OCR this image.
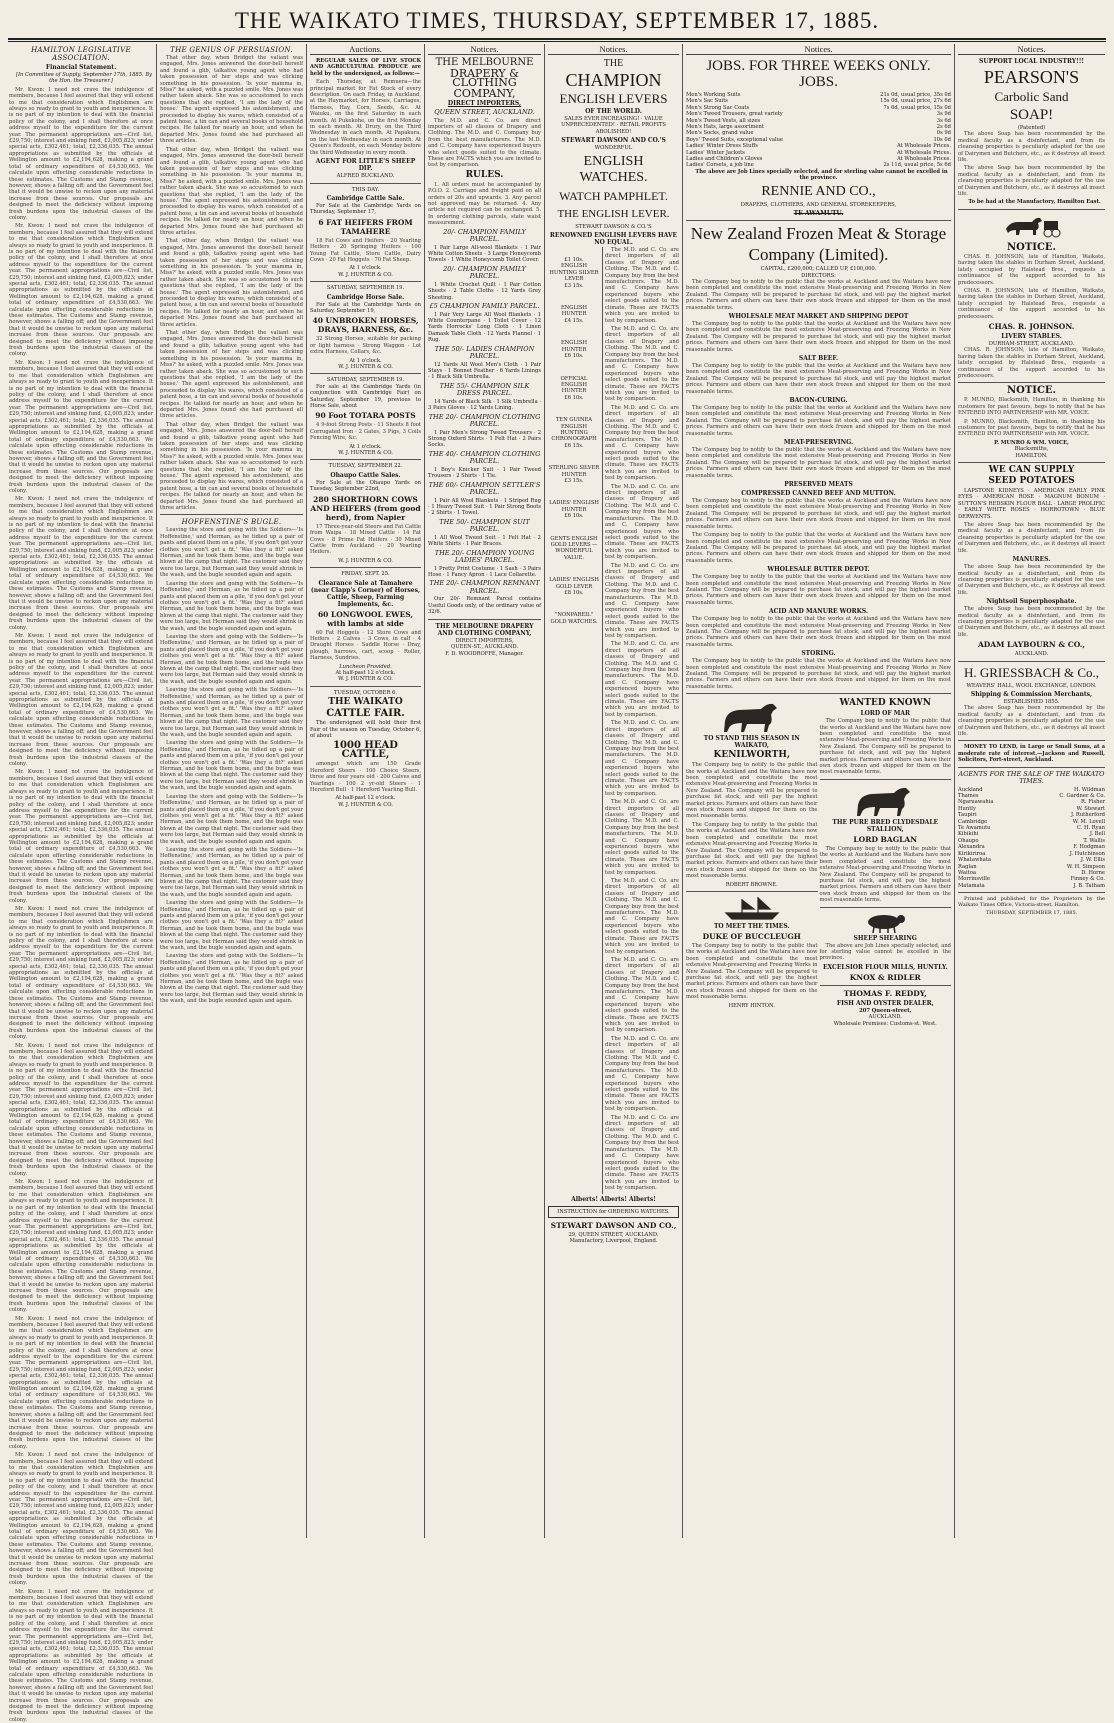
THE WAIKATO TIMES, THURSDAY, SEPTEMBER 17, 1885.
HAMILTON LEGISLATIVE ASSOCIATION.
Financial Statement.
[In Committee of Supply, September 17th, 1885. By the Hon. the Treasurer.]
Mr. Kwon: I need not crave the indulgence of members, because I feel assured that they will extend to me that consideration which Englishmen are always so ready to grant to youth and inexperience. It is no part of my intention to deal with the financial policy of the colony, and I shall therefore at once address myself to the expenditure for the current year. The permanent appropriations are—Civil list, £29,750; interest and sinking fund, £2,005,823; under special acts, £302,461; total, £2,336,035. The annual appropriations as submitted by the officials at Wellington amount to £2,194,628, making a grand total of ordinary expenditure of £4,530,663. We calculate upon effecting considerable reductions in these estimates. The Customs and Stamp revenue, however, shows a falling off; and the Government feel that it would be unwise to reckon upon any material increase from these sources. Our proposals are designed to meet the deficiency without imposing fresh burdens upon the industrial classes of the colony.
Mr. Kwon: I need not crave the indulgence of members, because I feel assured that they will extend to me that consideration which Englishmen are always so ready to grant to youth and inexperience. It is no part of my intention to deal with the financial policy of the colony, and I shall therefore at once address myself to the expenditure for the current year. The permanent appropriations are—Civil list, £29,750; interest and sinking fund, £2,005,823; under special acts, £302,461; total, £2,336,035. The annual appropriations as submitted by the officials at Wellington amount to £2,194,628, making a grand total of ordinary expenditure of £4,530,663. We calculate upon effecting considerable reductions in these estimates. The Customs and Stamp revenue, however, shows a falling off; and the Government feel that it would be unwise to reckon upon any material increase from these sources. Our proposals are designed to meet the deficiency without imposing fresh burdens upon the industrial classes of the colony.
Mr. Kwon: I need not crave the indulgence of members, because I feel assured that they will extend to me that consideration which Englishmen are always so ready to grant to youth and inexperience. It is no part of my intention to deal with the financial policy of the colony, and I shall therefore at once address myself to the expenditure for the current year. The permanent appropriations are—Civil list, £29,750; interest and sinking fund, £2,005,823; under special acts, £302,461; total, £2,336,035. The annual appropriations as submitted by the officials at Wellington amount to £2,194,628, making a grand total of ordinary expenditure of £4,530,663. We calculate upon effecting considerable reductions in these estimates. The Customs and Stamp revenue, however, shows a falling off; and the Government feel that it would be unwise to reckon upon any material increase from these sources. Our proposals are designed to meet the deficiency without imposing fresh burdens upon the industrial classes of the colony.
Mr. Kwon: I need not crave the indulgence of members, because I feel assured that they will extend to me that consideration which Englishmen are always so ready to grant to youth and inexperience. It is no part of my intention to deal with the financial policy of the colony, and I shall therefore at once address myself to the expenditure for the current year. The permanent appropriations are—Civil list, £29,750; interest and sinking fund, £2,005,823; under special acts, £302,461; total, £2,336,035. The annual appropriations as submitted by the officials at Wellington amount to £2,194,628, making a grand total of ordinary expenditure of £4,530,663. We calculate upon effecting considerable reductions in these estimates. The Customs and Stamp revenue, however, shows a falling off; and the Government feel that it would be unwise to reckon upon any material increase from these sources. Our proposals are designed to meet the deficiency without imposing fresh burdens upon the industrial classes of the colony.
Mr. Kwon: I need not crave the indulgence of members, because I feel assured that they will extend to me that consideration which Englishmen are always so ready to grant to youth and inexperience. It is no part of my intention to deal with the financial policy of the colony, and I shall therefore at once address myself to the expenditure for the current year. The permanent appropriations are—Civil list, £29,750; interest and sinking fund, £2,005,823; under special acts, £302,461; total, £2,336,035. The annual appropriations as submitted by the officials at Wellington amount to £2,194,628, making a grand total of ordinary expenditure of £4,530,663. We calculate upon effecting considerable reductions in these estimates. The Customs and Stamp revenue, however, shows a falling off; and the Government feel that it would be unwise to reckon upon any material increase from these sources. Our proposals are designed to meet the deficiency without imposing fresh burdens upon the industrial classes of the colony.
Mr. Kwon: I need not crave the indulgence of members, because I feel assured that they will extend to me that consideration which Englishmen are always so ready to grant to youth and inexperience. It is no part of my intention to deal with the financial policy of the colony, and I shall therefore at once address myself to the expenditure for the current year. The permanent appropriations are—Civil list, £29,750; interest and sinking fund, £2,005,823; under special acts, £302,461; total, £2,336,035. The annual appropriations as submitted by the officials at Wellington amount to £2,194,628, making a grand total of ordinary expenditure of £4,530,663. We calculate upon effecting considerable reductions in these estimates. The Customs and Stamp revenue, however, shows a falling off; and the Government feel that it would be unwise to reckon upon any material increase from these sources. Our proposals are designed to meet the deficiency without imposing fresh burdens upon the industrial classes of the colony.
Mr. Kwon: I need not crave the indulgence of members, because I feel assured that they will extend to me that consideration which Englishmen are always so ready to grant to youth and inexperience. It is no part of my intention to deal with the financial policy of the colony, and I shall therefore at once address myself to the expenditure for the current year. The permanent appropriations are—Civil list, £29,750; interest and sinking fund, £2,005,823; under special acts, £302,461; total, £2,336,035. The annual appropriations as submitted by the officials at Wellington amount to £2,194,628, making a grand total of ordinary expenditure of £4,530,663. We calculate upon effecting considerable reductions in these estimates. The Customs and Stamp revenue, however, shows a falling off; and the Government feel that it would be unwise to reckon upon any material increase from these sources. Our proposals are designed to meet the deficiency without imposing fresh burdens upon the industrial classes of the colony.
Mr. Kwon: I need not crave the indulgence of members, because I feel assured that they will extend to me that consideration which Englishmen are always so ready to grant to youth and inexperience. It is no part of my intention to deal with the financial policy of the colony, and I shall therefore at once address myself to the expenditure for the current year. The permanent appropriations are—Civil list, £29,750; interest and sinking fund, £2,005,823; under special acts, £302,461; total, £2,336,035. The annual appropriations as submitted by the officials at Wellington amount to £2,194,628, making a grand total of ordinary expenditure of £4,530,663. We calculate upon effecting considerable reductions in these estimates. The Customs and Stamp revenue, however, shows a falling off; and the Government feel that it would be unwise to reckon upon any material increase from these sources. Our proposals are designed to meet the deficiency without imposing fresh burdens upon the industrial classes of the colony.
Mr. Kwon: I need not crave the indulgence of members, because I feel assured that they will extend to me that consideration which Englishmen are always so ready to grant to youth and inexperience. It is no part of my intention to deal with the financial policy of the colony, and I shall therefore at once address myself to the expenditure for the current year. The permanent appropriations are—Civil list, £29,750; interest and sinking fund, £2,005,823; under special acts, £302,461; total, £2,336,035. The annual appropriations as submitted by the officials at Wellington amount to £2,194,628, making a grand total of ordinary expenditure of £4,530,663. We calculate upon effecting considerable reductions in these estimates. The Customs and Stamp revenue, however, shows a falling off; and the Government feel that it would be unwise to reckon upon any material increase from these sources. Our proposals are designed to meet the deficiency without imposing fresh burdens upon the industrial classes of the colony.
Mr. Kwon: I need not crave the indulgence of members, because I feel assured that they will extend to me that consideration which Englishmen are always so ready to grant to youth and inexperience. It is no part of my intention to deal with the financial policy of the colony, and I shall therefore at once address myself to the expenditure for the current year. The permanent appropriations are—Civil list, £29,750; interest and sinking fund, £2,005,823; under special acts, £302,461; total, £2,336,035. The annual appropriations as submitted by the officials at Wellington amount to £2,194,628, making a grand total of ordinary expenditure of £4,530,663. We calculate upon effecting considerable reductions in these estimates. The Customs and Stamp revenue, however, shows a falling off; and the Government feel that it would be unwise to reckon upon any material increase from these sources. Our proposals are designed to meet the deficiency without imposing fresh burdens upon the industrial classes of the colony.
Mr. Kwon: I need not crave the indulgence of members, because I feel assured that they will extend to me that consideration which Englishmen are always so ready to grant to youth and inexperience. It is no part of my intention to deal with the financial policy of the colony, and I shall therefore at once address myself to the expenditure for the current year. The permanent appropriations are—Civil list, £29,750; interest and sinking fund, £2,005,823; under special acts, £302,461; total, £2,336,035. The annual appropriations as submitted by the officials at Wellington amount to £2,194,628, making a grand total of ordinary expenditure of £4,530,663. We calculate upon effecting considerable reductions in these estimates. The Customs and Stamp revenue, however, shows a falling off; and the Government feel that it would be unwise to reckon upon any material increase from these sources. Our proposals are designed to meet the deficiency without imposing fresh burdens upon the industrial classes of the colony.
Mr. Kwon: I need not crave the indulgence of members, because I feel assured that they will extend to me that consideration which Englishmen are always so ready to grant to youth and inexperience. It is no part of my intention to deal with the financial policy of the colony, and I shall therefore at once address myself to the expenditure for the current year. The permanent appropriations are—Civil list, £29,750; interest and sinking fund, £2,005,823; under special acts, £302,461; total, £2,336,035. The annual appropriations as submitted by the officials at Wellington amount to £2,194,628, making a grand total of ordinary expenditure of £4,530,663. We calculate upon effecting considerable reductions in these estimates. The Customs and Stamp revenue, however, shows a falling off; and the Government feel that it would be unwise to reckon upon any material increase from these sources. Our proposals are designed to meet the deficiency without imposing fresh burdens upon the industrial classes of the colony.
THE GENIUS OF PERSUASION.
That other day, when Bridget the valiant was engaged, Mrs. Jones answered the door-bell herself and found a glib, talkative young agent who had taken possession of her steps and was clicking something in his possession. 'Is your mamma in, Miss?' he asked, with a puzzled smile. Mrs. Jones was rather taken aback. She was so accustomed to such questions that she replied, 'I am the lady of the house.' The agent expressed his astonishment, and proceeded to display his wares, which consisted of a patent hose, a tin can and several books of household recipes. He talked for nearly an hour, and when he departed Mrs. Jones found she had purchased all three articles.
That other day, when Bridget the valiant was engaged, Mrs. Jones answered the door-bell herself and found a glib, talkative young agent who had taken possession of her steps and was clicking something in his possession. 'Is your mamma in, Miss?' he asked, with a puzzled smile. Mrs. Jones was rather taken aback. She was so accustomed to such questions that she replied, 'I am the lady of the house.' The agent expressed his astonishment, and proceeded to display his wares, which consisted of a patent hose, a tin can and several books of household recipes. He talked for nearly an hour, and when he departed Mrs. Jones found she had purchased all three articles.
That other day, when Bridget the valiant was engaged, Mrs. Jones answered the door-bell herself and found a glib, talkative young agent who had taken possession of her steps and was clicking something in his possession. 'Is your mamma in, Miss?' he asked, with a puzzled smile. Mrs. Jones was rather taken aback. She was so accustomed to such questions that she replied, 'I am the lady of the house.' The agent expressed his astonishment, and proceeded to display his wares, which consisted of a patent hose, a tin can and several books of household recipes. He talked for nearly an hour, and when he departed Mrs. Jones found she had purchased all three articles.
That other day, when Bridget the valiant was engaged, Mrs. Jones answered the door-bell herself and found a glib, talkative young agent who had taken possession of her steps and was clicking something in his possession. 'Is your mamma in, Miss?' he asked, with a puzzled smile. Mrs. Jones was rather taken aback. She was so accustomed to such questions that she replied, 'I am the lady of the house.' The agent expressed his astonishment, and proceeded to display his wares, which consisted of a patent hose, a tin can and several books of household recipes. He talked for nearly an hour, and when he departed Mrs. Jones found she had purchased all three articles.
That other day, when Bridget the valiant was engaged, Mrs. Jones answered the door-bell herself and found a glib, talkative young agent who had taken possession of her steps and was clicking something in his possession. 'Is your mamma in, Miss?' he asked, with a puzzled smile. Mrs. Jones was rather taken aback. She was so accustomed to such questions that she replied, 'I am the lady of the house.' The agent expressed his astonishment, and proceeded to display his wares, which consisted of a patent hose, a tin can and several books of household recipes. He talked for nearly an hour, and when he departed Mrs. Jones found she had purchased all three articles.
HOFFENSTINE'S BUGLE.
Leaving the store and going with the Soldiers—'Is Hoffenstine,' and Herman, as he tidied up a pair of pants and placed them on a pile, 'if you don't get your clothes you won't get a fit.' 'Was they a fit?' asked Herman, and he took them home, and the bugle was blown at the camp that night. The customer said they were too large, but Herman said they would shrink in the wash, and the bugle sounded again and again.
Leaving the store and going with the Soldiers—'Is Hoffenstine,' and Herman, as he tidied up a pair of pants and placed them on a pile, 'if you don't get your clothes you won't get a fit.' 'Was they a fit?' asked Herman, and he took them home, and the bugle was blown at the camp that night. The customer said they were too large, but Herman said they would shrink in the wash, and the bugle sounded again and again.
Leaving the store and going with the Soldiers—'Is Hoffenstine,' and Herman, as he tidied up a pair of pants and placed them on a pile, 'if you don't get your clothes you won't get a fit.' 'Was they a fit?' asked Herman, and he took them home, and the bugle was blown at the camp that night. The customer said they were too large, but Herman said they would shrink in the wash, and the bugle sounded again and again.
Leaving the store and going with the Soldiers—'Is Hoffenstine,' and Herman, as he tidied up a pair of pants and placed them on a pile, 'if you don't get your clothes you won't get a fit.' 'Was they a fit?' asked Herman, and he took them home, and the bugle was blown at the camp that night. The customer said they were too large, but Herman said they would shrink in the wash, and the bugle sounded again and again.
Leaving the store and going with the Soldiers—'Is Hoffenstine,' and Herman, as he tidied up a pair of pants and placed them on a pile, 'if you don't get your clothes you won't get a fit.' 'Was they a fit?' asked Herman, and he took them home, and the bugle was blown at the camp that night. The customer said they were too large, but Herman said they would shrink in the wash, and the bugle sounded again and again.
Leaving the store and going with the Soldiers—'Is Hoffenstine,' and Herman, as he tidied up a pair of pants and placed them on a pile, 'if you don't get your clothes you won't get a fit.' 'Was they a fit?' asked Herman, and he took them home, and the bugle was blown at the camp that night. The customer said they were too large, but Herman said they would shrink in the wash, and the bugle sounded again and again.
Leaving the store and going with the Soldiers—'Is Hoffenstine,' and Herman, as he tidied up a pair of pants and placed them on a pile, 'if you don't get your clothes you won't get a fit.' 'Was they a fit?' asked Herman, and he took them home, and the bugle was blown at the camp that night. The customer said they were too large, but Herman said they would shrink in the wash, and the bugle sounded again and again.
Leaving the store and going with the Soldiers—'Is Hoffenstine,' and Herman, as he tidied up a pair of pants and placed them on a pile, 'if you don't get your clothes you won't get a fit.' 'Was they a fit?' asked Herman, and he took them home, and the bugle was blown at the camp that night. The customer said they were too large, but Herman said they would shrink in the wash, and the bugle sounded again and again.
Leaving the store and going with the Soldiers—'Is Hoffenstine,' and Herman, as he tidied up a pair of pants and placed them on a pile, 'if you don't get your clothes you won't get a fit.' 'Was they a fit?' asked Herman, and he took them home, and the bugle was blown at the camp that night. The customer said they were too large, but Herman said they would shrink in the wash, and the bugle sounded again and again.
Auctions.
REGULAR SALES OF LIVE STOCK AND AGRICULTURAL PRODUCE are held by the undersigned, as follows:—
Each Thursday, at Remuera—the principal market for Fat Stock of every description. On each Friday, in Auckland, at the Haymarket, for Horses, Carriages, Harness, Hay, Corn, Seeds, &c. At Waiuku, on the first Saturday in each month. At Pukekohe, on the first Monday in each month. At Drury, on the Third Wednesday in each month. At Papakura, on the last Wednesday in each month. At Queen's Redoubt, on each Monday before the third Wednesday in every month.
AGENT FOR LITTLE'S SHEEP DIP.
ALFRED BUCKLAND.
THIS DAY.
Cambridge Cattle Sale.
For Sale at the Cambridge Yards on Thursday, September 17,
6 FAT HEIFERS FROM TAMAHERE
18 Fat Cows and Heifers · 20 Yearling Heifers · 20 Springing Heifers · 100 Young Fat Cattle, Store Cattle, Dairy Cows · 20 Fat Hoggets · 70 Fat Sheep.
At 1 o'clock.
W. J. HUNTER & CO.
SATURDAY, SEPTEMBER 19.
Cambridge Horse Sale.
For Sale at the Cambridge Yards on Saturday, September 19,
40 UNBROKEN HORSES, DRAYS, HARNESS, &c.
32 Strong Horses, suitable for packing or light harness · Strong Waggon · Lot extra Harness, Collars, &c.
At 1 o'clock.
W. J. HUNTER & CO.
SATURDAY, SEPTEMBER 19.
For sale at the Cambridge Yards (in conjunction with Cambridge Fair) on Saturday, September 19, previous to Horse Sale, about
90 Foot TOTARA POSTS
4 9-foot Strong Posts · 11 Sheets 8 foot Corrugated Iron · 2 Gates, 3 Pigs, 3 Coils Fencing Wire, &c.
At 1 o'clock.
W. J. HUNTER & CO.
TUESDAY, SEPTEMBER 22.
Ohaupo Cattle Sales.
For Sale at the Ohaupo Yards on Tuesday, September 22nd,
280 SHORTHORN COWS AND HEIFERS (from good herd), from Napier
17 Three-year-old Steers and Fat Cattle from Waipa · 18 Mixed Cattle · 14 Fat Cows · 8 Prime Fat Heifers · 30 Mixed Cattle from Auckland · 20 Yearling Heifers.
W. J. HUNTER & CO.
FRIDAY, SEPT. 25.
Clearance Sale at Tamahere (near Clapp's Corner) of Horses, Cattle, Sheep, Farming Implements, &c.
60 LONGWOOL EWES, with lambs at side
60 Fat Hoggets · 12 Store Cows and Heifers · 2 Calves · 3 Cows, in calf · 4 Draught Horses · Saddle Horse · Dray, plough, harrows, cart, scoop · Roller, Harness, Sundries.
Luncheon Provided.
At half-past 12 o'clock.
W. J. HUNTER & CO.
TUESDAY, OCTOBER 6.
THE WAIKATO
CATTLE FAIR.
The undersigned will hold their first Fair of the season on Tuesday, October 6, of about
1000 HEAD CATTLE,
amongst which are 150 Grade Hereford Steers · 100 Choice Steers, three and four years old · 200 Calves and Yearlings · 100 2 yr-old Steers · 1 Hereford Bull · 1 Hereford Yearling Bull.
At half-past 12 o'clock.
W. J. HUNTER & CO.
Notices.
THE MELBOURNE
DRAPERY & CLOTHING
COMPANY,
DIRECT IMPORTERS,
QUEEN STREET, AUCKLAND.
The M.D. and C. Co. are direct importers of all classes of Drapery and Clothing. The M.D. and C. Company buy from the best manufacturers. The M.D. and C. Company have experienced buyers who select goods suited to the climate. These are FACTS which you are invited to test by comparison.
RULES.
1. All orders must be accompanied by P.O.O. 2. Carriage and freight paid on all orders of 20s and upwards. 3. Any parcel not approved may be returned. 4. Any article not required can be exchanged. 5. In ordering clothing parcels, state waist measurement.
20/- CHAMPION FAMILY PARCEL.
1 Pair Large All-wool Blankets · 1 Pair White Cotton Sheets · 3 Large Honeycomb Towels · 1 White Honeycomb Toilet Cover.
20/- CHAMPION FAMILY PARCEL.
1 White Crochet Quilt · 1 Pair Cotton Sheets · 2 Table Cloths · 12 Yards Grey Sheeting.
£5 CHAMPION FAMILY PARCEL.
1 Pair Very Large All Wool Blankets · 1 White Counterpane · 1 Toilet Cover · 12 Yards Horrocks' Long Cloth · 1 Linen Damask Table Cloth · 12 Yards Flannel · 1 Rug.
THE 50/- LADIES CHAMPION PARCEL.
12 Yards All Wool Men's Cloth · 1 Pair Stays · 1 Bonnet Feather · 6 Yards Linings · 1 Black Silk Umbrella.
THE 55/- CHAMPION SILK DRESS PARCEL.
14 Yards of Black Silk · 1 Silk Umbrella · 3 Pairs Gloves · 12 Yards Lining.
THE 20/- CHAMPION CLOTHING PARCEL.
1 Pair Men's Strong Tweed Trousers · 2 Strong Oxford Shirts · 1 Felt Hat · 2 Pairs Socks.
THE 40/- CHAMPION CLOTHING PARCEL.
1 Boy's Knicker Suit · 1 Pair Tweed Trousers · 2 Shirts · 1 Tie.
THE 60/- CHAMPION SETTLER'S PARCEL.
1 Pair All Wool Blankets · 1 Striped Rug · 1 Heavy Tweed Suit · 1 Pair Strong Boots · 2 Shirts · 1 Towel.
THE 50/- CHAMPION SUIT PARCEL.
1 All Wool Tweed Suit · 1 Felt Hat · 2 White Shirts · 1 Pair Braces.
THE 20/- CHAMPION YOUNG LADIES' PARCEL.
1 Pretty Print Costume · 1 Sash · 3 Pairs Hose · 1 Fancy Apron · 1 Lace Collarette.
THE 20/- CHAMPION REMNANT PARCEL.
Our 20/- Remnant Parcel contains Useful Goods only, of the ordinary value of 32/6.
THE MELBOURNE DRAPERY AND CLOTHING COMPANY,
DIRECT IMPORTERS,
QUEEN-ST., AUCKLAND.
F. D. WOODROFFE, Manager.
Notices.
THE
CHAMPION
ENGLISH LEVERS
OF THE WORLD.
SALES EVER INCREASING! · VALUE UNPRECEDENTED! · RETAIL PROFITS ABOLISHED!
STEWART DAWSON AND CO.'S
WONDERFUL
ENGLISH WATCHES.
WATCH PAMPHLET.
THE ENGLISH LEVER.
STEWART DAWSON & CO.'S
RENOWNED ENGLISH LEVERS HAVE NO EQUAL.
£1 10s.
ENGLISH HUNTING SILVER LEVER
£3 15s.
ENGLISH HUNTER
£4 15s.
ENGLISH HUNTER
£6 10s.
OFFICIAL ENGLISH HUNTER
£6 10s.
TEN GUINEA ENGLISH HUNTING CHRONOGRAPH
£6 15s.
STERLING SILVER HUNTER
£3 15s.
LADIES' ENGLISH HUNTER
£6 10s.
GENTS ENGLISH GOLD LEVERS — WONDERFUL VALUE.
LADIES' ENGLISH GOLD LEVER
£8 10s.
"NONPAREIL" GOLD WATCHES.
The M.D. and C. Co. are direct importers of all classes of Drapery and Clothing. The M.D. and C. Company buy from the best manufacturers. The M.D. and C. Company have experienced buyers who select goods suited to the climate. These are FACTS which you are invited to test by comparison.
The M.D. and C. Co. are direct importers of all classes of Drapery and Clothing. The M.D. and C. Company buy from the best manufacturers. The M.D. and C. Company have experienced buyers who select goods suited to the climate. These are FACTS which you are invited to test by comparison.
The M.D. and C. Co. are direct importers of all classes of Drapery and Clothing. The M.D. and C. Company buy from the best manufacturers. The M.D. and C. Company have experienced buyers who select goods suited to the climate. These are FACTS which you are invited to test by comparison.
The M.D. and C. Co. are direct importers of all classes of Drapery and Clothing. The M.D. and C. Company buy from the best manufacturers. The M.D. and C. Company have experienced buyers who select goods suited to the climate. These are FACTS which you are invited to test by comparison.
The M.D. and C. Co. are direct importers of all classes of Drapery and Clothing. The M.D. and C. Company buy from the best manufacturers. The M.D. and C. Company have experienced buyers who select goods suited to the climate. These are FACTS which you are invited to test by comparison.
The M.D. and C. Co. are direct importers of all classes of Drapery and Clothing. The M.D. and C. Company buy from the best manufacturers. The M.D. and C. Company have experienced buyers who select goods suited to the climate. These are FACTS which you are invited to test by comparison.
The M.D. and C. Co. are direct importers of all classes of Drapery and Clothing. The M.D. and C. Company buy from the best manufacturers. The M.D. and C. Company have experienced buyers who select goods suited to the climate. These are FACTS which you are invited to test by comparison.
The M.D. and C. Co. are direct importers of all classes of Drapery and Clothing. The M.D. and C. Company buy from the best manufacturers. The M.D. and C. Company have experienced buyers who select goods suited to the climate. These are FACTS which you are invited to test by comparison.
The M.D. and C. Co. are direct importers of all classes of Drapery and Clothing. The M.D. and C. Company buy from the best manufacturers. The M.D. and C. Company have experienced buyers who select goods suited to the climate. These are FACTS which you are invited to test by comparison.
The M.D. and C. Co. are direct importers of all classes of Drapery and Clothing. The M.D. and C. Company buy from the best manufacturers. The M.D. and C. Company have experienced buyers who select goods suited to the climate. These are FACTS which you are invited to test by comparison.
The M.D. and C. Co. are direct importers of all classes of Drapery and Clothing. The M.D. and C. Company buy from the best manufacturers. The M.D. and C. Company have experienced buyers who select goods suited to the climate. These are FACTS which you are invited to test by comparison.
The M.D. and C. Co. are direct importers of all classes of Drapery and Clothing. The M.D. and C. Company buy from the best manufacturers. The M.D. and C. Company have experienced buyers who select goods suited to the climate. These are FACTS which you are invited to test by comparison.
Alberts! Alberts! Alberts!
INSTRUCTION for ORDERING WATCHES.
STEWART DAWSON AND CO.,
29, QUEEN STREET, AUCKLAND.
Manufactory, Liverpool, England.
Notices.
JOBS. FOR THREE WEEKS ONLY. JOBS.
Men's Working Suits	21s 0d, usual price, 35s 0d
Men's Sac Suits	15s 0d, usual price, 27s 6d
Men's Strong Sac Coats	7s 6d, usual price, 15s 0d
Men's Tweed Trousers, great variety	3s 9d
Men's Tweed Vests, all sizes	3s 6d
Men's Hats, large assortment	2s 6d
Men's Socks, grand value	0s 9d
Boys' Tweed Suits, exceptional value	10s 0d
Ladies' Winter Dress Stuffs	At Wholesale Prices.
Ladies' Winter Jackets	At Wholesale Prices.
Ladies and Children's Gloves	At Wholesale Prices.
Ladies' Corsets, a job line	2s 11d, usual price, 5s 6d
The above are Job Lines specially selected, and for sterling value cannot be excelled in the province.
RENNIE AND CO.,
DRAPERS, CLOTHIERS, AND GENERAL STOREKEEPERS,
TE AWAMUTU.
New Zealand Frozen Meat & Storage
Company (Limited).
CAPITAL, £200,000; CALLED UP, £100,000.
DIRECTORS:
The Company beg to notify to the public that the works at Auckland and the Waitara have now been completed and constitute the most extensive Meat-preserving and Freezing Works in New Zealand. The Company will be prepared to purchase fat stock, and will pay the highest market prices. Farmers and others can have their own stock frozen and shipped for them on the most reasonable terms.
WHOLESALE MEAT MARKET AND SHIPPING DEPOT
The Company beg to notify to the public that the works at Auckland and the Waitara have now been completed and constitute the most extensive Meat-preserving and Freezing Works in New Zealand. The Company will be prepared to purchase fat stock, and will pay the highest market prices. Farmers and others can have their own stock frozen and shipped for them on the most reasonable terms.
SALT BEEF.
The Company beg to notify to the public that the works at Auckland and the Waitara have now been completed and constitute the most extensive Meat-preserving and Freezing Works in New Zealand. The Company will be prepared to purchase fat stock, and will pay the highest market prices. Farmers and others can have their own stock frozen and shipped for them on the most reasonable terms.
BACON-CURING.
The Company beg to notify to the public that the works at Auckland and the Waitara have now been completed and constitute the most extensive Meat-preserving and Freezing Works in New Zealand. The Company will be prepared to purchase fat stock, and will pay the highest market prices. Farmers and others can have their own stock frozen and shipped for them on the most reasonable terms.
MEAT-PRESERVING.
The Company beg to notify to the public that the works at Auckland and the Waitara have now been completed and constitute the most extensive Meat-preserving and Freezing Works in New Zealand. The Company will be prepared to purchase fat stock, and will pay the highest market prices. Farmers and others can have their own stock frozen and shipped for them on the most reasonable terms.
PRESERVED MEATS
COMPRESSED CANNED BEEF AND MUTTON.
The Company beg to notify to the public that the works at Auckland and the Waitara have now been completed and constitute the most extensive Meat-preserving and Freezing Works in New Zealand. The Company will be prepared to purchase fat stock, and will pay the highest market prices. Farmers and others can have their own stock frozen and shipped for them on the most reasonable terms.
The Company beg to notify to the public that the works at Auckland and the Waitara have now been completed and constitute the most extensive Meat-preserving and Freezing Works in New Zealand. The Company will be prepared to purchase fat stock, and will pay the highest market prices. Farmers and others can have their own stock frozen and shipped for them on the most reasonable terms.
WHOLESALE BUTTER DEPOT.
The Company beg to notify to the public that the works at Auckland and the Waitara have now been completed and constitute the most extensive Meat-preserving and Freezing Works in New Zealand. The Company will be prepared to purchase fat stock, and will pay the highest market prices. Farmers and others can have their own stock frozen and shipped for them on the most reasonable terms.
ACID AND MANURE WORKS.
The Company beg to notify to the public that the works at Auckland and the Waitara have now been completed and constitute the most extensive Meat-preserving and Freezing Works in New Zealand. The Company will be prepared to purchase fat stock, and will pay the highest market prices. Farmers and others can have their own stock frozen and shipped for them on the most reasonable terms.
STORING.
The Company beg to notify to the public that the works at Auckland and the Waitara have now been completed and constitute the most extensive Meat-preserving and Freezing Works in New Zealand. The Company will be prepared to purchase fat stock, and will pay the highest market prices. Farmers and others can have their own stock frozen and shipped for them on the most reasonable terms.
TO STAND THIS SEASON IN WAIKATO,
KENILWORTH,
The Company beg to notify to the public that the works at Auckland and the Waitara have now been completed and constitute the most extensive Meat-preserving and Freezing Works in New Zealand. The Company will be prepared to purchase fat stock, and will pay the highest market prices. Farmers and others can have their own stock frozen and shipped for them on the most reasonable terms.
The Company beg to notify to the public that the works at Auckland and the Waitara have now been completed and constitute the most extensive Meat-preserving and Freezing Works in New Zealand. The Company will be prepared to purchase fat stock, and will pay the highest market prices. Farmers and others can have their own stock frozen and shipped for them on the most reasonable terms.
ROBERT BROWNE.
TO MEET THE TIMES.
DUKE OF BUCCLEUGH
The Company beg to notify to the public that the works at Auckland and the Waitara have now been completed and constitute the most extensive Meat-preserving and Freezing Works in New Zealand. The Company will be prepared to purchase fat stock, and will pay the highest market prices. Farmers and others can have their own stock frozen and shipped for them on the most reasonable terms.
HENRY HINTON.
WANTED KNOWN
LORD OF MAR
The Company beg to notify to the public that the works at Auckland and the Waitara have now been completed and constitute the most extensive Meat-preserving and Freezing Works in New Zealand. The Company will be prepared to purchase fat stock, and will pay the highest market prices. Farmers and others can have their own stock frozen and shipped for them on the most reasonable terms.
THE PURE BRED CLYDESDALE STALLION,
LORD BAGLAN
The Company beg to notify to the public that the works at Auckland and the Waitara have now been completed and constitute the most extensive Meat-preserving and Freezing Works in New Zealand. The Company will be prepared to purchase fat stock, and will pay the highest market prices. Farmers and others can have their own stock frozen and shipped for them on the most reasonable terms.
SHEEP SHEARING
The above are Job Lines specially selected, and for sterling value cannot be excelled in the province.
EXCELSIOR FLOUR MILLS, HUNTLY.
KNOX & RIDLER
THOMAS F. REDDY,
FISH AND OYSTER DEALER,
207 Queen-street,
AUCKLAND.
Wholesale Premises: Customs-st. West.
Notices.
SUPPORT LOCAL INDUSTRY!!!
PEARSON'S
Carbolic Sand
SOAP!
(Patented)
The above Soap has been recommended by the medical faculty as a disinfectant, and from its cleansing properties is peculiarly adapted for the use of Dairymen and Butchers, etc., as it destroys all insect life.
The above Soap has been recommended by the medical faculty as a disinfectant, and from its cleansing properties is peculiarly adapted for the use of Dairymen and Butchers, etc., as it destroys all insect life.
To be had at the Manufactory, Hamilton East.
NOTICE.
CHAS. R. JOHNSON, late of Hamilton, Waikato, having taken the stables in Durham Street, Auckland, lately occupied by Halstead Bros., requests a continuance of the support accorded to his predecessors.
CHAS. R. JOHNSON, late of Hamilton, Waikato, having taken the stables in Durham Street, Auckland, lately occupied by Halstead Bros., requests a continuance of the support accorded to his predecessors.
CHAS. R. JOHNSON.
LIVERY STABLES.
DURHAM-STREET, AUCKLAND.
CHAS. R. JOHNSON, late of Hamilton, Waikato, having taken the stables in Durham Street, Auckland, lately occupied by Halstead Bros., requests a continuance of the support accorded to his predecessors.
NOTICE.
P. MUNRO, Blacksmith, Hamilton, in thanking his customers for past favours, begs to notify that he has ENTERED INTO PARTNERSHIP with MR. VOICE.
P. MUNRO, Blacksmith, Hamilton, in thanking his customers for past favours, begs to notify that he has ENTERED INTO PARTNERSHIP with MR. VOICE.
P. MUNRO & WM. VOICE,
Blacksmiths,
HAMILTON.
WE CAN SUPPLY
SEED POTATOES
LAPSTONE KIDNEYS · AMERICAN EARLY PINK EYES · AMERICAN ROSE · MAGNUM BONUM · SUTTON'S REDSKIN FLOUR BALL · LARGE PROLIFIC · EARLY WHITE ROSES · HORROTOWN · BLUE DERWENTS.
The above Soap has been recommended by the medical faculty as a disinfectant, and from its cleansing properties is peculiarly adapted for the use of Dairymen and Butchers, etc., as it destroys all insect life.
MANURES.
The above Soap has been recommended by the medical faculty as a disinfectant, and from its cleansing properties is peculiarly adapted for the use of Dairymen and Butchers, etc., as it destroys all insect life.
Nightsoil Superphosphate.
The above Soap has been recommended by the medical faculty as a disinfectant, and from its cleansing properties is peculiarly adapted for the use of Dairymen and Butchers, etc., as it destroys all insect life.
ADAM LAYBOURN & CO.,
AUCKLAND.
H. GRIESSBACH & Co.,
WEAVERS' HALL, WOOL EXCHANGE, LONDON.
Shipping & Commission Merchants,
ESTABLISHED 1855.
The above Soap has been recommended by the medical faculty as a disinfectant, and from its cleansing properties is peculiarly adapted for the use of Dairymen and Butchers, etc., as it destroys all insect life.
MONEY TO LEND, in Large or Small Sums, at a moderate rate of interest.—Jackson and Russell, Solicitors, Fort-street, Auckland.
AGENTS FOR THE SALE OF THE WAIKATO TIMES.
Auckland	H. Wildman
Thames	C. Gardner & Co.
Ngaruawahia	R. Fisher
Huntly	W. Stewart
Taupiri	J. Rutherford
Cambridge	W. M. Lovell
Te Awamutu	C. H. Ryan
Kihikihi	J. Bell
Ohaupo	T. Wallis
Alexandra	F. Hodgman
Kirikiriroa	J. Hutchinson
Whatawhata	J. W. Ellis
Raglan	W. H. Simpson
Waitoa	D. Horne
Morrinsville	Finney & Co.
Matamata	J. B. Tatham
Printed and published for the Proprietors by the Waikato Times Office, Victoria-street, Hamilton.
THURSDAY, SEPTEMBER 17, 1885.
